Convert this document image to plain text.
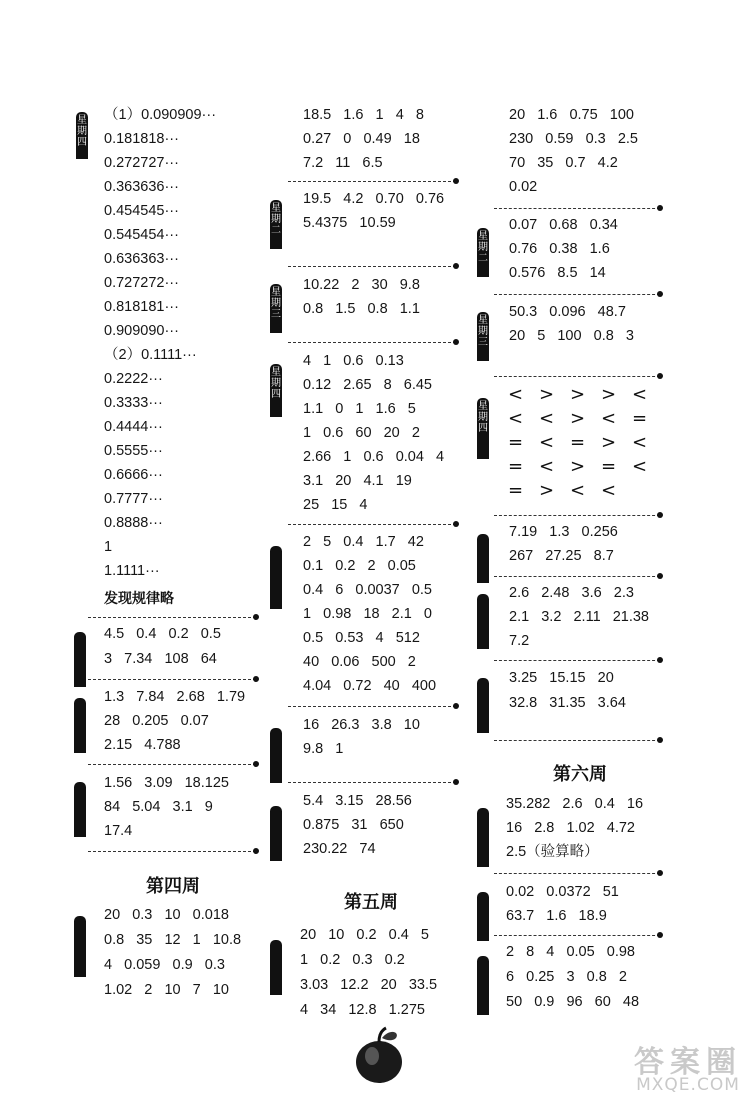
星期四
（1）0.090909···
0.181818···
0.272727···
0.363636···
0.454545···
0.545454···
0.636363···
0.727272···
0.818181···
0.909090···
（2）0.1111···
0.2222···
0.3333···
0.4444···
0.5555···
0.6666···
0.7777···
0.8888···
1
1.1111···
发现规律略
4.5   0.4   0.2   0.5
3   7.34   108   64
1.3   7.84   2.68   1.79
28   0.205   0.07
2.15   4.788
1.56   3.09   18.125
84   5.04   3.1   9
17.4
第四周
20   0.3   10   0.018
0.8   35   12   1   10.8
4   0.059   0.9   0.3
1.02   2   10   7   10
18.5   1.6   1   4   8
0.27   0   0.49   18
7.2   11   6.5
星期二
19.5   4.2   0.70   0.76
5.4375   10.59
星期三
10.22   2   30   9.8
0.8   1.5   0.8   1.1
星期四
4   1   0.6   0.13
0.12   2.65   8   6.45
1.1   0   1   1.6   5
1   0.6   60   20   2
2.66   1   0.6   0.04   4
3.1   20   4.1   19
25   15   4
2   5   0.4   1.7   42
0.1   0.2   2   0.05
0.4   6   0.0037   0.5
1   0.98   18   2.1   0
0.5   0.53   4   512
40   0.06   500   2
4.04   0.72   40   400
16   26.3   3.8   10
9.8   1
5.4   3.15   28.56
0.875   31   650
230.22   74
第五周
20   10   0.2   0.4   5
1   0.2   0.3   0.2
3.03   12.2   20   33.5
4   34   12.8   1.275
20   1.6   0.75   100
230   0.59   0.3   2.5
70   35   0.7   4.2
0.02
星期二
0.07   0.68   0.34
0.76   0.38   1.6
0.576   8.5   14
星期三
50.3   0.096   48.7
20   5   100   0.8   3
星期四
< > > > <
< < > < =
= < = > <
= < > = <
= > < <
7.19   1.3   0.256
267   27.25   8.7
2.6   2.48   3.6   2.3
2.1   3.2   2.11   21.38
7.2
3.25   15.15   20
32.8   31.35   3.64
第六周
35.282   2.6   0.4   16
16   2.8   1.02   4.72
2.5（验算略）
0.02   0.0372   51
63.7   1.6   18.9
2   8   4   0.05   0.98
6   0.25   3   0.8   2
50   0.9   96   60   48
答案圈
MXQE.COM
